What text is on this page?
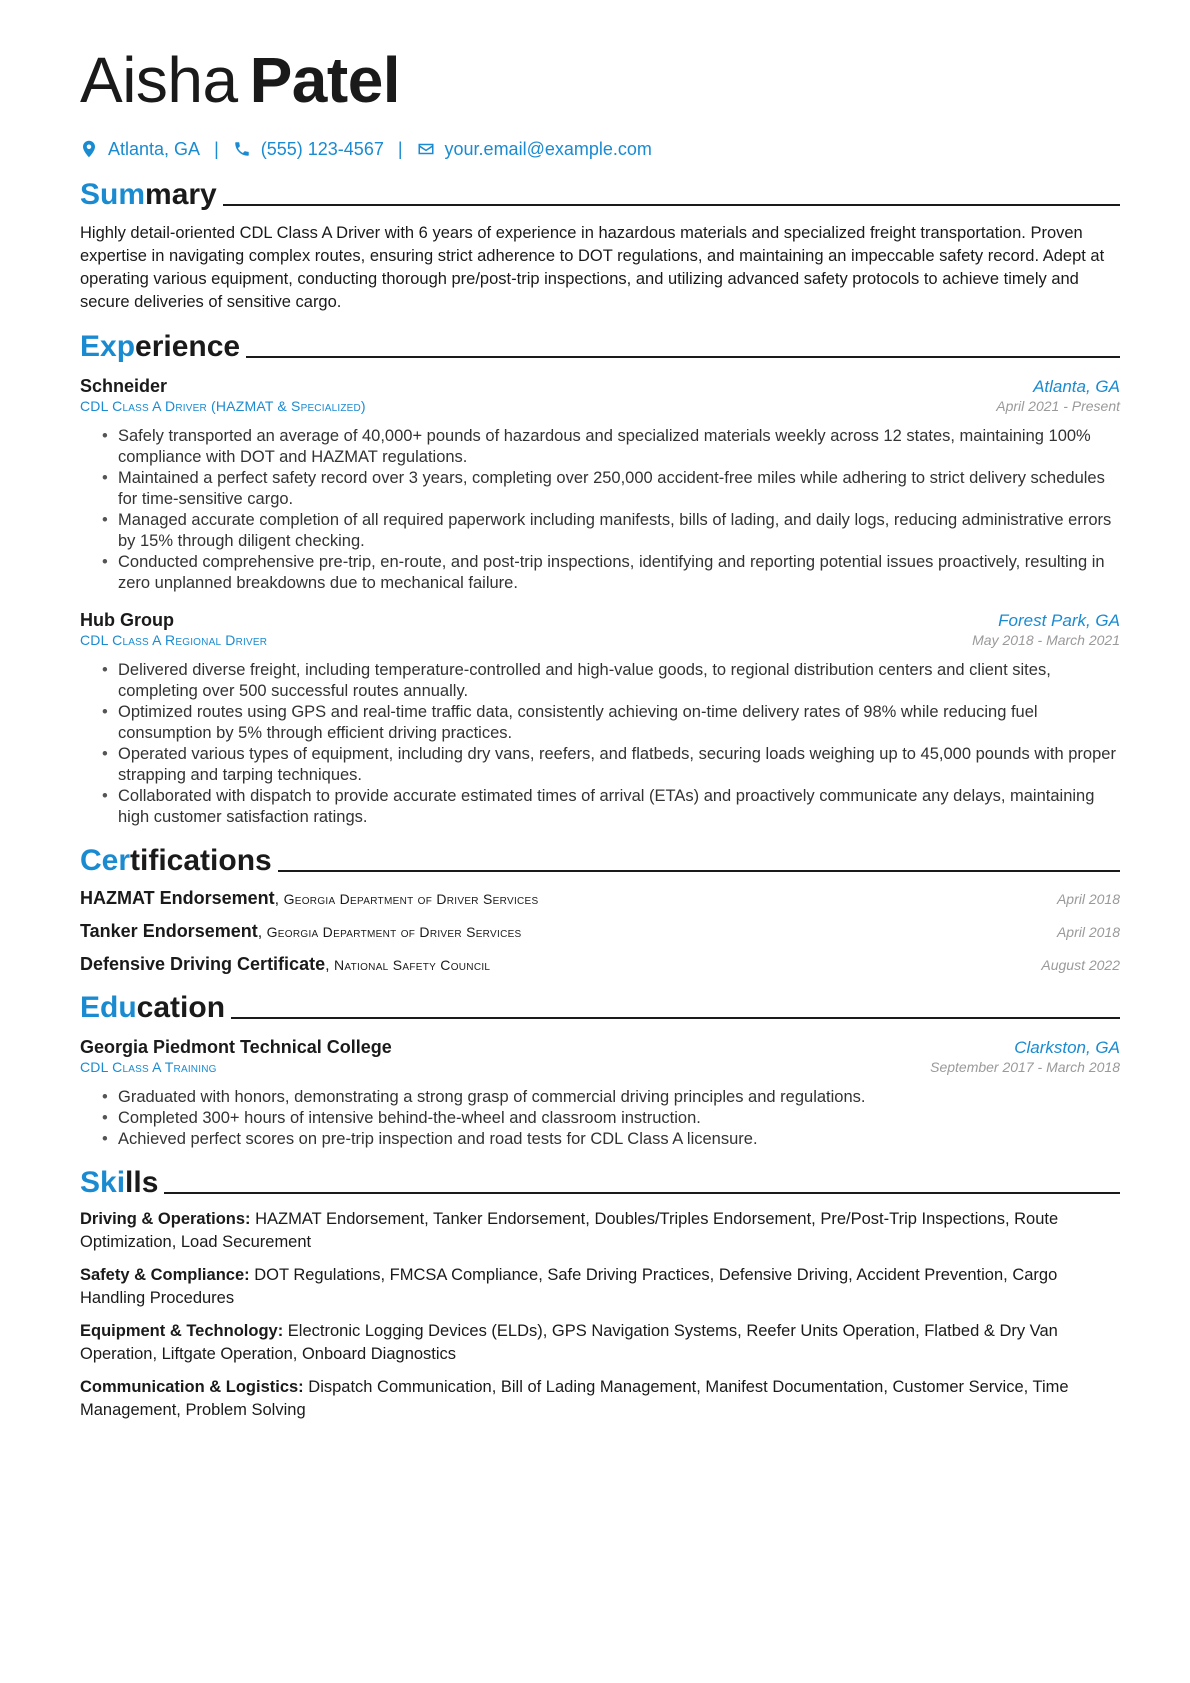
Aisha Patel
Atlanta, GA | (555) 123-4567 | your.email@example.com
Summary

Highly detail-oriented CDL Class A Driver with 6 years of experience in hazardous materials and specialized freight transportation. Proven expertise in navigating complex routes, ensuring strict adherence to DOT regulations, and maintaining an impeccable safety record. Adept at operating various equipment, conducting thorough pre/post-trip inspections, and utilizing advanced safety protocols to achieve timely and secure deliveries of sensitive cargo.

Experience
Schneider	Atlanta, GA
CDL Class A Driver (HAZMAT & Specialized)	April 2021 - Present
• Safely transported an average of 40,000+ pounds of hazardous and specialized materials weekly across 12 states, maintaining 100% compliance with DOT and HAZMAT regulations.
• Maintained a perfect safety record over 3 years, completing over 250,000 accident-free miles while adhering to strict delivery schedules for time-sensitive cargo.
• Managed accurate completion of all required paperwork including manifests, bills of lading, and daily logs, reducing administrative errors by 15% through diligent checking.
• Conducted comprehensive pre-trip, en-route, and post-trip inspections, identifying and reporting potential issues proactively, resulting in zero unplanned breakdowns due to mechanical failure.
Hub Group	Forest Park, GA
CDL Class A Regional Driver	May 2018 - March 2021
• Delivered diverse freight, including temperature-controlled and high-value goods, to regional distribution centers and client sites, completing over 500 successful routes annually.
• Optimized routes using GPS and real-time traffic data, consistently achieving on-time delivery rates of 98% while reducing fuel consumption by 5% through efficient driving practices.
• Operated various types of equipment, including dry vans, reefers, and flatbeds, securing loads weighing up to 45,000 pounds with proper strapping and tarping techniques.
• Collaborated with dispatch to provide accurate estimated times of arrival (ETAs) and proactively communicate any delays, maintaining high customer satisfaction ratings.
Certifications
HAZMAT Endorsement, Georgia Department of Driver Services	April 2018
Tanker Endorsement, Georgia Department of Driver Services	April 2018
Defensive Driving Certificate, National Safety Council	August 2022
Education
Georgia Piedmont Technical College	Clarkston, GA
CDL Class A Training	September 2017 - March 2018
• Graduated with honors, demonstrating a strong grasp of commercial driving principles and regulations.
• Completed 300+ hours of intensive behind-the-wheel and classroom instruction.
• Achieved perfect scores on pre-trip inspection and road tests for CDL Class A licensure.
Skills

Driving & Operations: HAZMAT Endorsement, Tanker Endorsement, Doubles/Triples Endorsement, Pre/Post-Trip Inspections, Route Optimization, Load Securement

Safety & Compliance: DOT Regulations, FMCSA Compliance, Safe Driving Practices, Defensive Driving, Accident Prevention, Cargo Handling Procedures

Equipment & Technology: Electronic Logging Devices (ELDs), GPS Navigation Systems, Reefer Units Operation, Flatbed & Dry Van Operation, Liftgate Operation, Onboard Diagnostics

Communication & Logistics: Dispatch Communication, Bill of Lading Management, Manifest Documentation, Customer Service, Time Management, Problem Solving
